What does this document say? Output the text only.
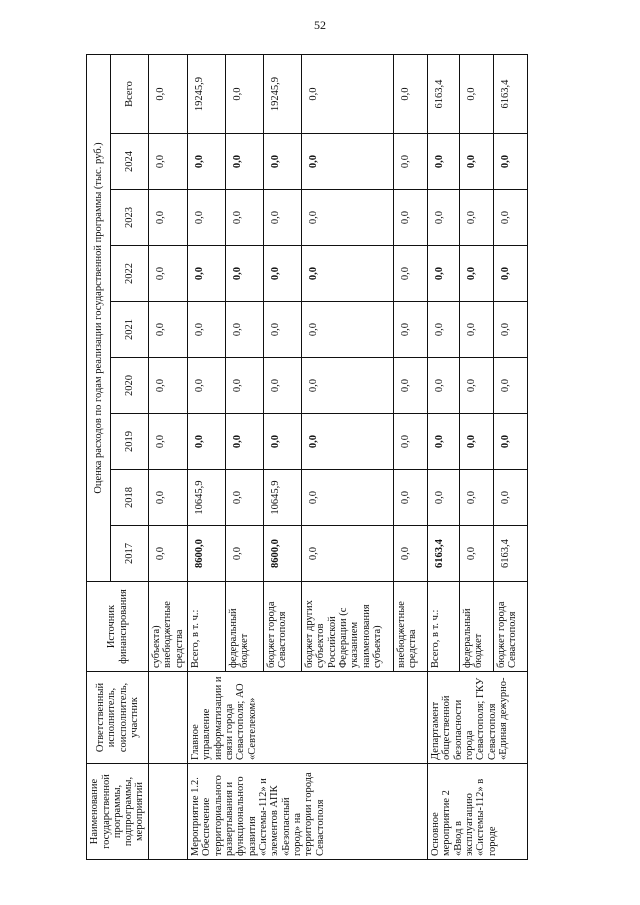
52
Наименование государственной программы, подпрограммы, мероприятий	Ответственный исполнитель, соисполнитель, участник	Источник финансирования	Оценка расходов по годам реализации государственной программы (тыс. руб.)								
			2017	2018	2019	2020	2021	2022	2023	2024	Всего
		субъекта)
внебюджетные средства	0,0	0,0	0,0	0,0	0,0	0,0	0,0	0,0	0,0
Мероприятие 1.2. Обеспечение территориального развертывания и функционального развития «Системы-112» и элементов АПК «Безопасный город» на территории города Севастополя	Главное управление информатизации и связи города Севастополя; АО «Севтелеком»	Всего, в т. ч.:	8600,0	10645,9	0,0	0,0	0,0	0,0	0,0	0,0	19245,9
		федеральный бюджет	0,0	0,0	0,0	0,0	0,0	0,0	0,0	0,0	0,0
		бюджет города Севастополя	8600,0	10645,9	0,0	0,0	0,0	0,0	0,0	0,0	19245,9
		бюджет других субъектов Российской Федерации (с указанием наименования субъекта)	0,0	0,0	0,0	0,0	0,0	0,0	0,0	0,0	0,0
		внебюджетные средства	0,0	0,0	0,0	0,0	0,0	0,0	0,0	0,0	0,0
Основное мероприятие 2 «Ввод в эксплуатацию «Системы-112» в городе	Департамент общественной безопасности города Севастополя; ГКУ Севастополя «Единая дежурно-	Всего, в т. ч.:	6163,4	0,0	0,0	0,0	0,0	0,0	0,0	0,0	6163,4
		федеральный бюджет	0,0	0,0	0,0	0,0	0,0	0,0	0,0	0,0	0,0
		бюджет города Севастополя	6163,4	0,0	0,0	0,0	0,0	0,0	0,0	0,0	6163,4
